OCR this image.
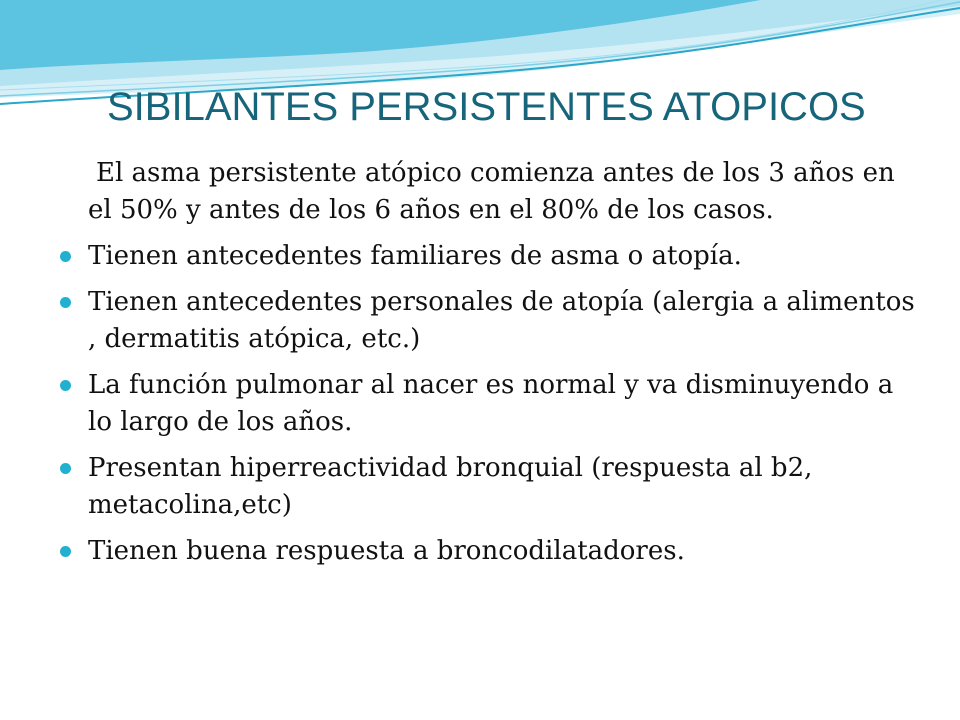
SIBILANTES PERSISTENTES ATOPICOS
El asma persistente atópico comienza antes de los 3 años en el 50% y antes de los 6 años en el 80% de los casos.
Tienen antecedentes familiares de asma o atopía.
Tienen antecedentes personales de atopía (alergia a alimentos , dermatitis atópica, etc.)
La función pulmonar al nacer es normal y va disminuyendo a lo largo de los años.
Presentan hiperreactividad bronquial (respuesta al b2, metacolina,etc)
Tienen buena respuesta a broncodilatadores.
